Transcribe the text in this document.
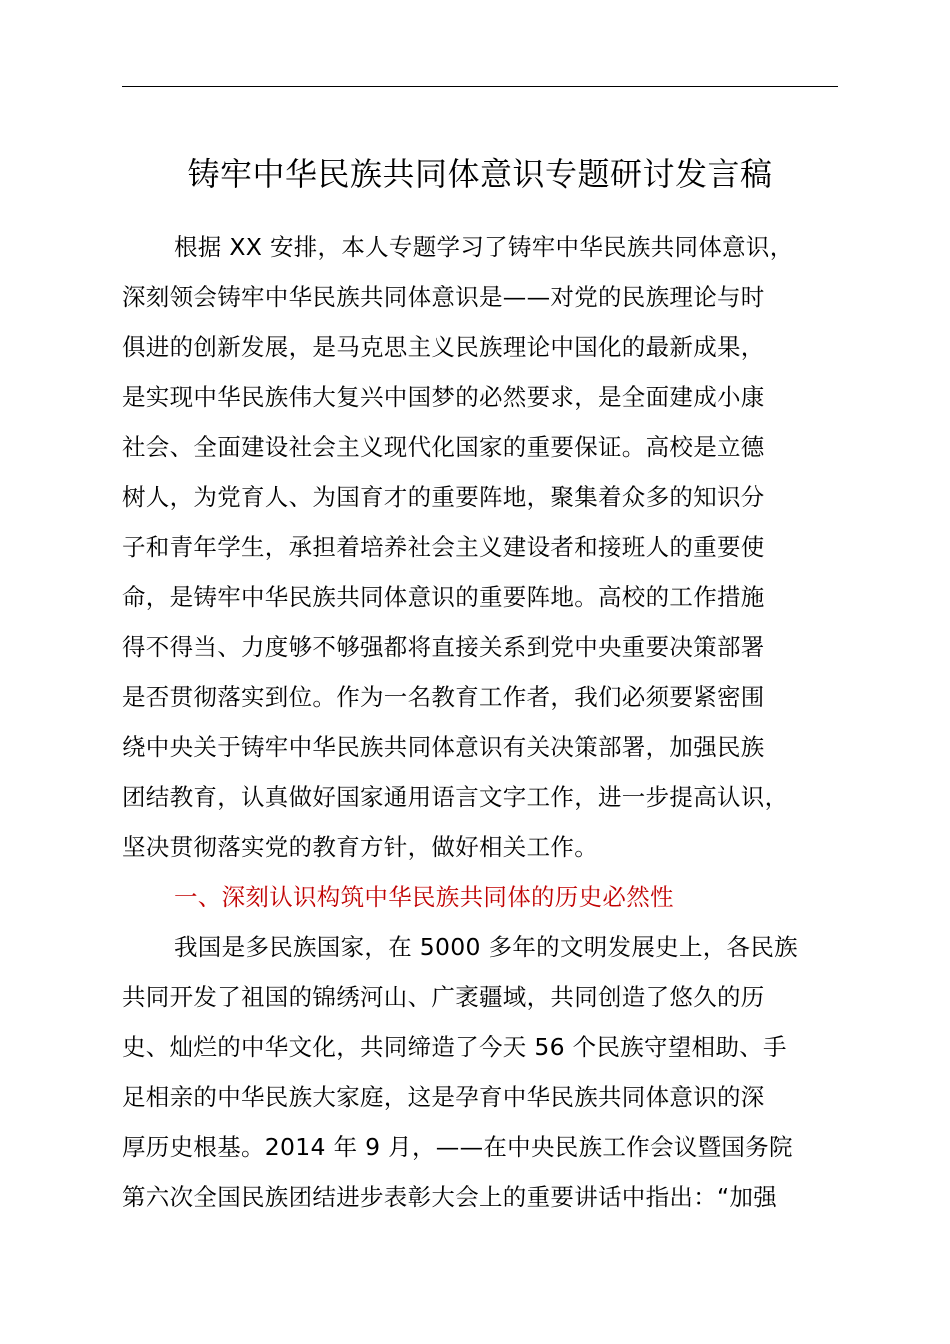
铸牢中华民族共同体意识专题研讨发言稿
根据 XX 安排，本人专题学习了铸牢中华民族共同体意识，
深刻领会铸牢中华民族共同体意识是——对党的民族理论与时
俱进的创新发展，是马克思主义民族理论中国化的最新成果，
是实现中华民族伟大复兴中国梦的必然要求，是全面建成小康
社会、全面建设社会主义现代化国家的重要保证。高校是立德
树人，为党育人、为国育才的重要阵地，聚集着众多的知识分
子和青年学生，承担着培养社会主义建设者和接班人的重要使
命，是铸牢中华民族共同体意识的重要阵地。高校的工作措施
得不得当、力度够不够强都将直接关系到党中央重要决策部署
是否贯彻落实到位。作为一名教育工作者，我们必须要紧密围
绕中央关于铸牢中华民族共同体意识有关决策部署，加强民族
团结教育，认真做好国家通用语言文字工作，进一步提高认识，
坚决贯彻落实党的教育方针，做好相关工作。
一、深刻认识构筑中华民族共同体的历史必然性
我国是多民族国家，在 5000 多年的文明发展史上，各民族
共同开发了祖国的锦绣河山、广袤疆域，共同创造了悠久的历
史、灿烂的中华文化，共同缔造了今天 56 个民族守望相助、手
足相亲的中华民族大家庭，这是孕育中华民族共同体意识的深
厚历史根基。2014 年 9 月，——在中央民族工作会议暨国务院
第六次全国民族团结进步表彰大会上的重要讲话中指出：“加强
